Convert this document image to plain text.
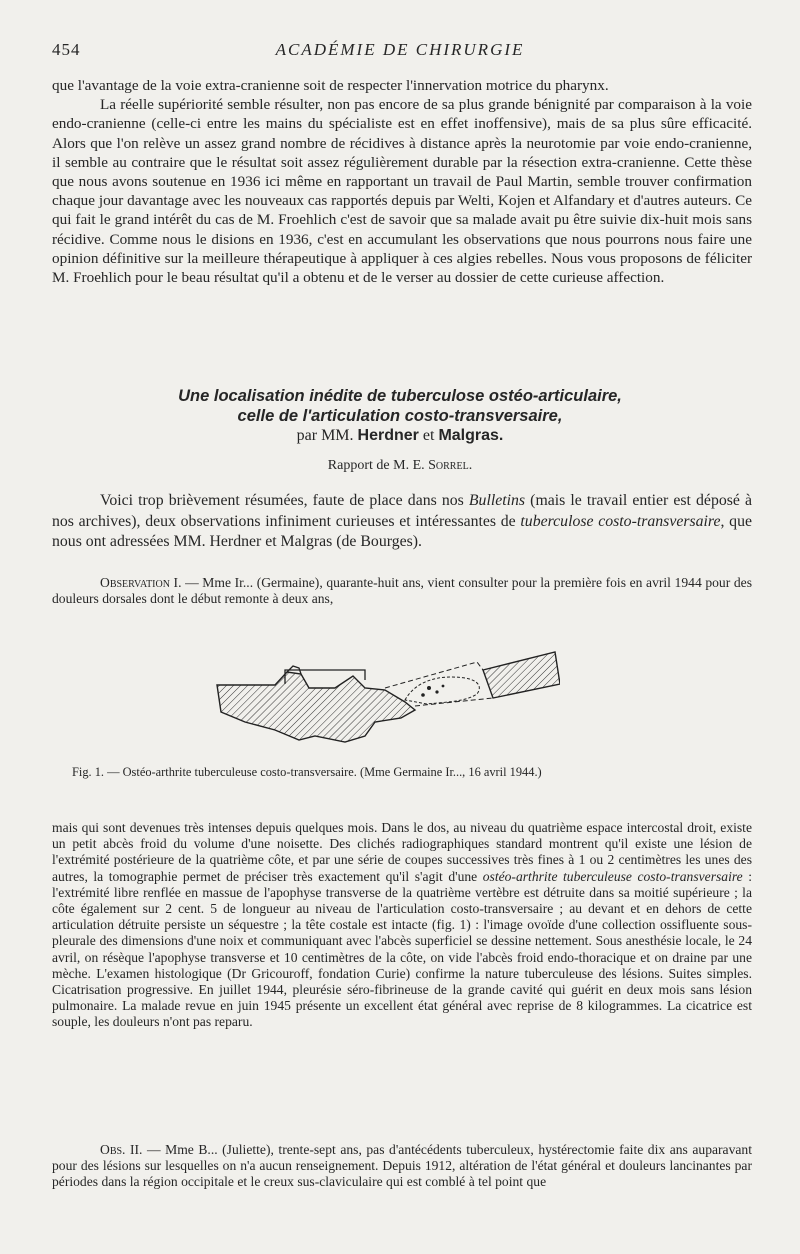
454	ACADÉMIE DE CHIRURGIE

que l'avantage de la voie extra-cranienne soit de respecter l'innervation motrice du pharynx.

La réelle supériorité semble résulter, non pas encore de sa plus grande bénignité par comparaison à la voie endo-cranienne (celle-ci entre les mains du spécialiste est en effet inoffensive), mais de sa plus sûre efficacité. Alors que l'on relève un assez grand nombre de récidives à distance après la neurotomie par voie endo-cranienne, il semble au contraire que le résultat soit assez régulièrement durable par la résection extra-cranienne. Cette thèse que nous avons soutenue en 1936 ici même en rapportant un travail de Paul Martin, semble trouver confirmation chaque jour davantage avec les nouveaux cas rapportés depuis par Welti, Kojen et Alfandary et d'autres auteurs. Ce qui fait le grand intérêt du cas de M. Froehlich c'est de savoir que sa malade avait pu être suivie dix-huit mois sans récidive. Comme nous le disions en 1936, c'est en accumulant les observations que nous pourrons nous faire une opinion définitive sur la meilleure thérapeutique à appliquer à ces algies rebelles. Nous vous proposons de féliciter M. Froehlich pour le beau résultat qu'il a obtenu et de le verser au dossier de cette curieuse affection.

Une localisation inédite de tuberculose ostéo-articulaire,
celle de l'articulation costo-transversaire,
par MM. Herdner et Malgras.
Rapport de M. E. Sorrel.

Voici trop brièvement résumées, faute de place dans nos Bulletins (mais le travail entier est déposé à nos archives), deux observations infiniment curieuses et intéressantes de tuberculose costo-transversaire, que nous ont adressées MM. Herdner et Malgras (de Bourges).

Observation I. — Mme Ir... (Germaine), quarante-huit ans, vient consulter pour la première fois en avril 1944 pour des douleurs dorsales dont le début remonte à deux ans,

Fig. 1. — Ostéo-arthrite tuberculeuse costo-transversaire. (Mme Germaine Ir..., 16 avril 1944.)

mais qui sont devenues très intenses depuis quelques mois. Dans le dos, au niveau du quatrième espace intercostal droit, existe un petit abcès froid du volume d'une noisette. Des clichés radiographiques standard montrent qu'il existe une lésion de l'extrémité postérieure de la quatrième côte, et par une série de coupes successives très fines à 1 ou 2 centimètres les unes des autres, la tomographie permet de préciser très exactement qu'il s'agit d'une ostéo-arthrite tuberculeuse costo-transversaire : l'extrémité libre renflée en massue de l'apophyse transverse de la quatrième vertèbre est détruite dans sa moitié supérieure ; la côte également sur 2 cent. 5 de longueur au niveau de l'articulation costo-transversaire ; au devant et en dehors de cette articulation détruite persiste un séquestre ; la tête costale est intacte (fig. 1) : l'image ovoïde d'une collection ossifluente sous-pleurale des dimensions d'une noix et communiquant avec l'abcès superficiel se dessine nettement. Sous anesthésie locale, le 24 avril, on résèque l'apophyse transverse et 10 centimètres de la côte, on vide l'abcès froid endo-thoracique et on draine par une mèche. L'examen histologique (Dr Gricouroff, fondation Curie) confirme la nature tuberculeuse des lésions. Suites simples. Cicatrisation progressive. En juillet 1944, pleurésie séro-fibrineuse de la grande cavité qui guérit en deux mois sans lésion pulmonaire. La malade revue en juin 1945 présente un excellent état général avec reprise de 8 kilogrammes. La cicatrice est souple, les douleurs n'ont pas reparu.

Obs. II. — Mme B... (Juliette), trente-sept ans, pas d'antécédents tuberculeux, hystérectomie faite dix ans auparavant pour des lésions sur lesquelles on n'a aucun renseignement. Depuis 1912, altération de l'état général et douleurs lancinantes par périodes dans la région occipitale et le creux sus-claviculaire qui est comblé à tel point que
